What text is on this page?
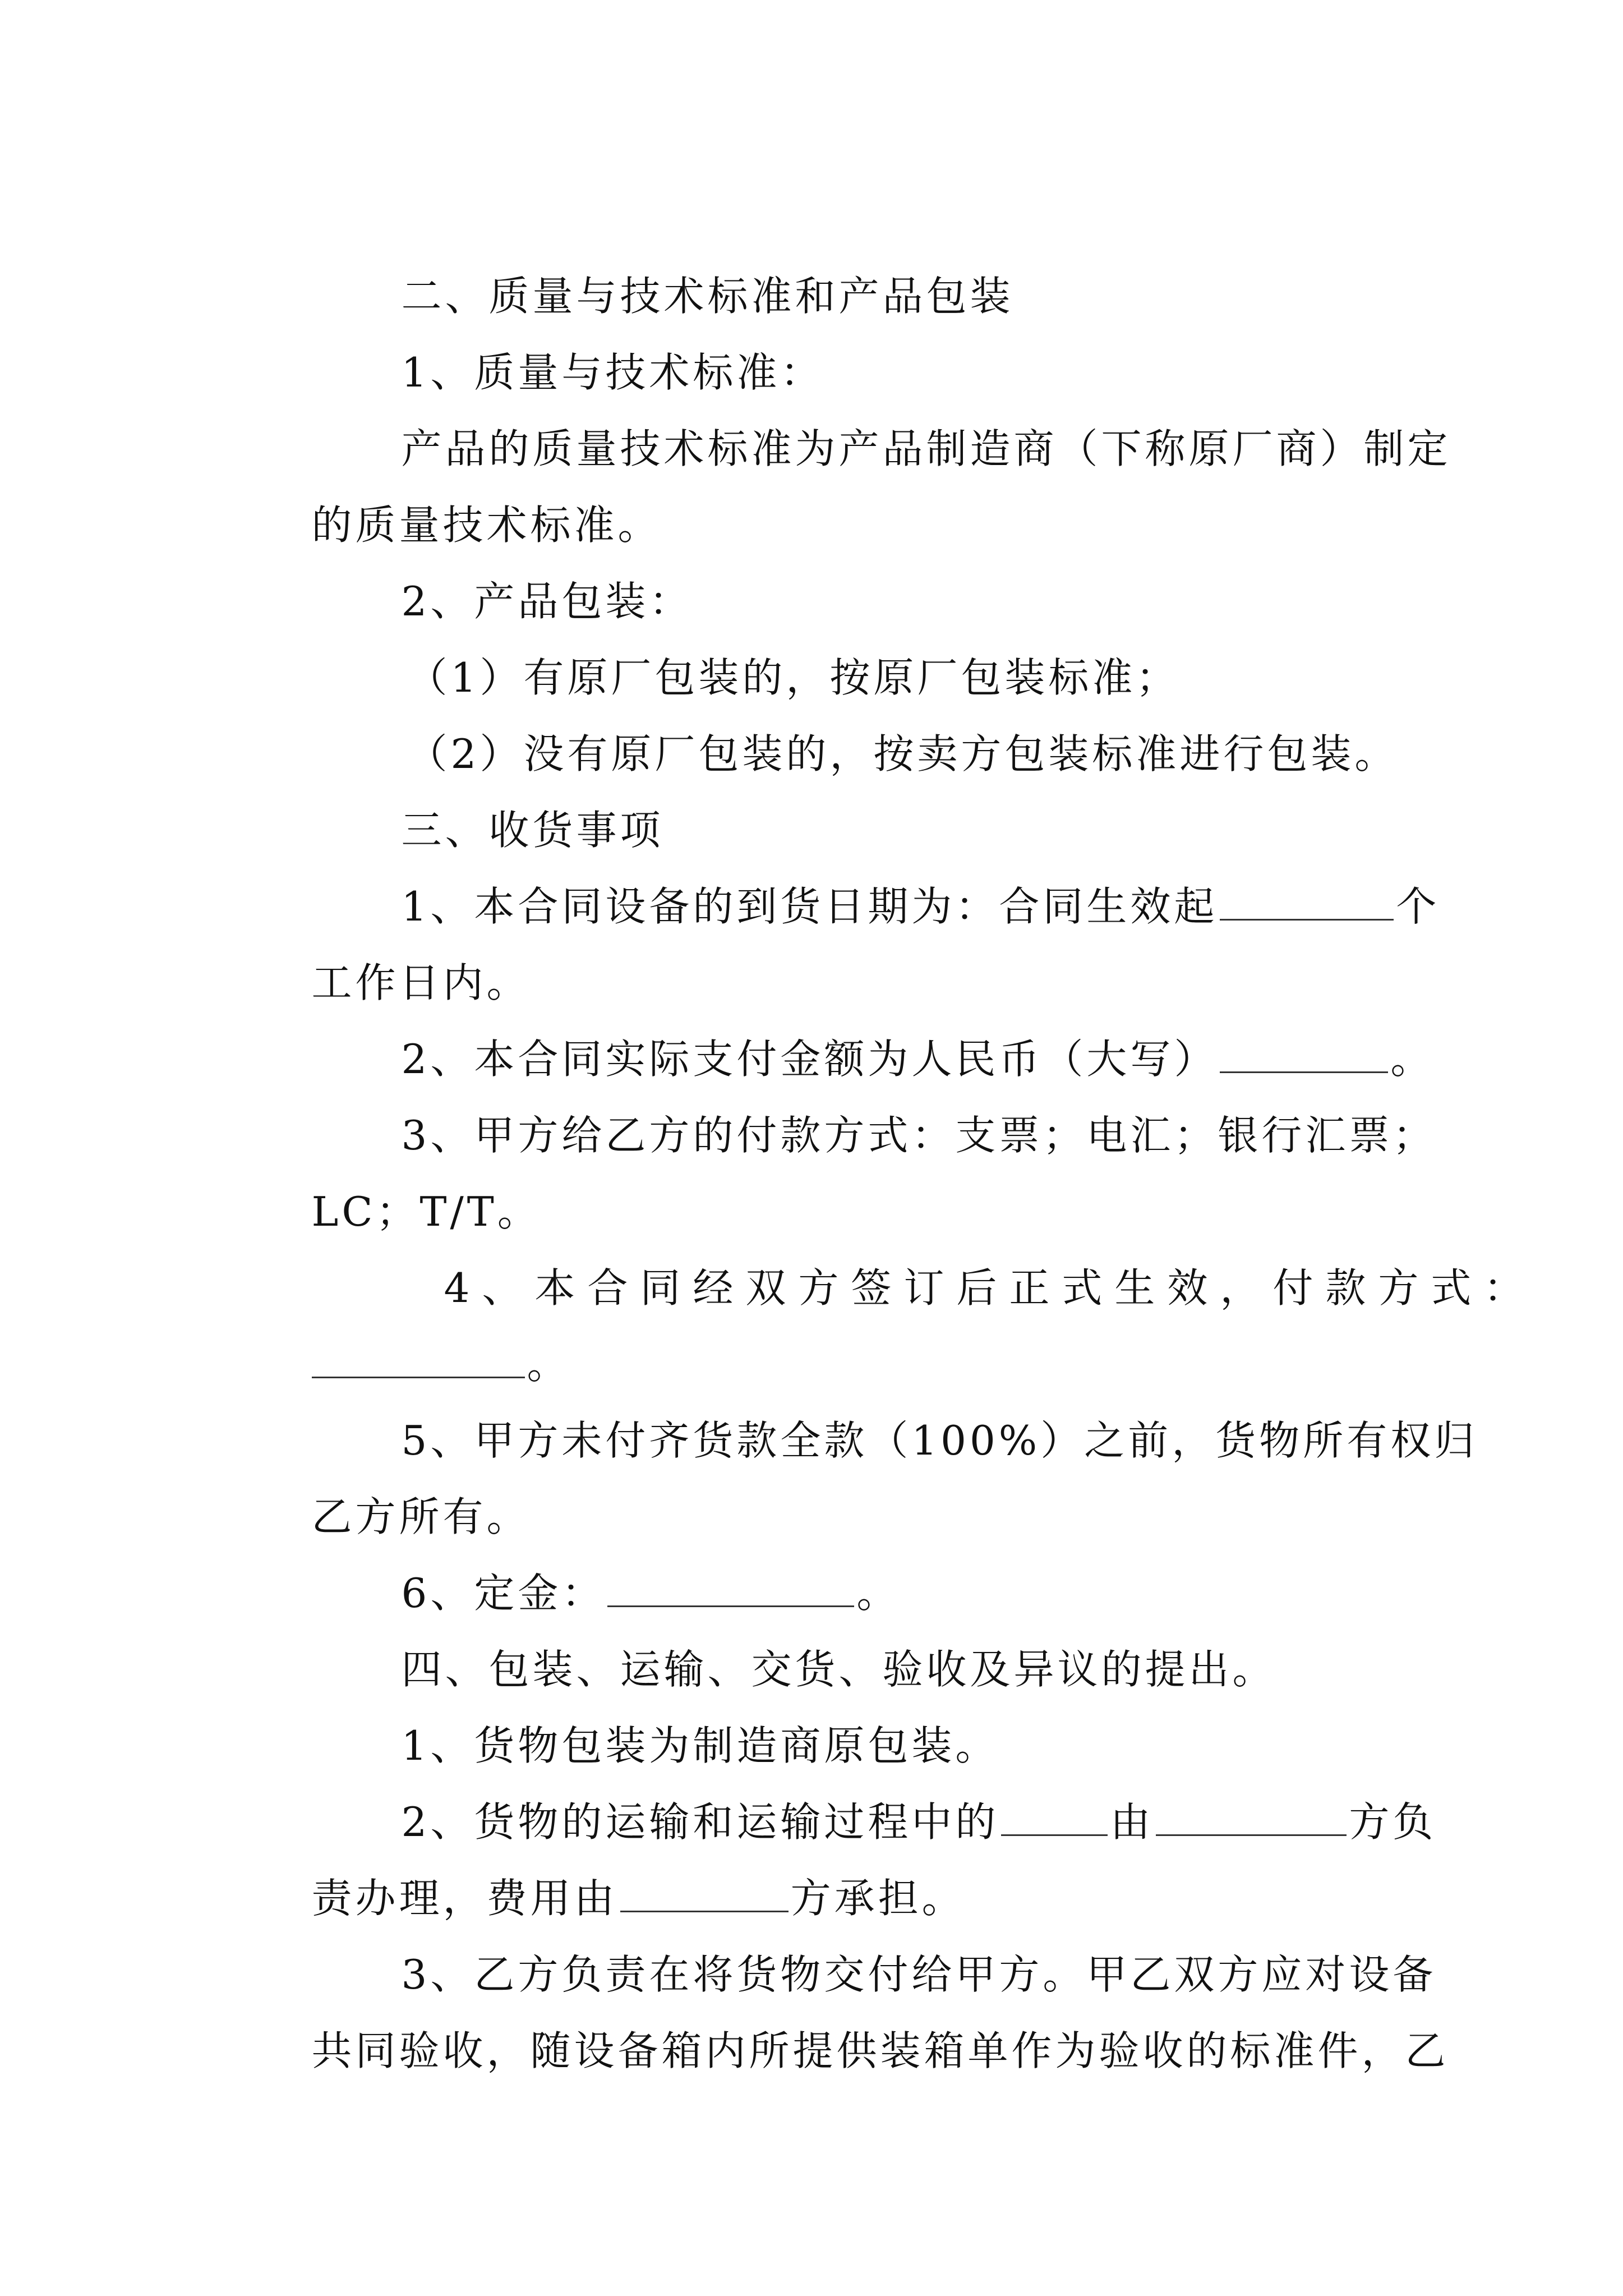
二、质量与技术标准和产品包装

1、质量与技术标准：

产品的质量技术标准为产品制造商（下称原厂商）制定

的质量技术标准。

2、产品包装：

（1）有原厂包装的，按原厂包装标准；

（2）没有原厂包装的，按卖方包装标准进行包装。

三、收货事项

1、本合同设备的到货日期为：合同生效起	个

工作日内。

2、本合同实际支付金额为人民币（大写）	。

3、甲方给乙方的付款方式：支票；电汇；银行汇票；

LC；T/T。

4、本合同经双方签订后正式生效，付款方式：

。

5、甲方未付齐货款全款（100%）之前，货物所有权归

乙方所有。

6、定金：	。

四、包装、运输、交货、验收及异议的提出。

1、货物包装为制造商原包装。

2、货物的运输和运输过程中的	由	方负

责办理，费用由	方承担。

3、乙方负责在将货物交付给甲方。甲乙双方应对设备

共同验收，随设备箱内所提供装箱单作为验收的标准件，乙
